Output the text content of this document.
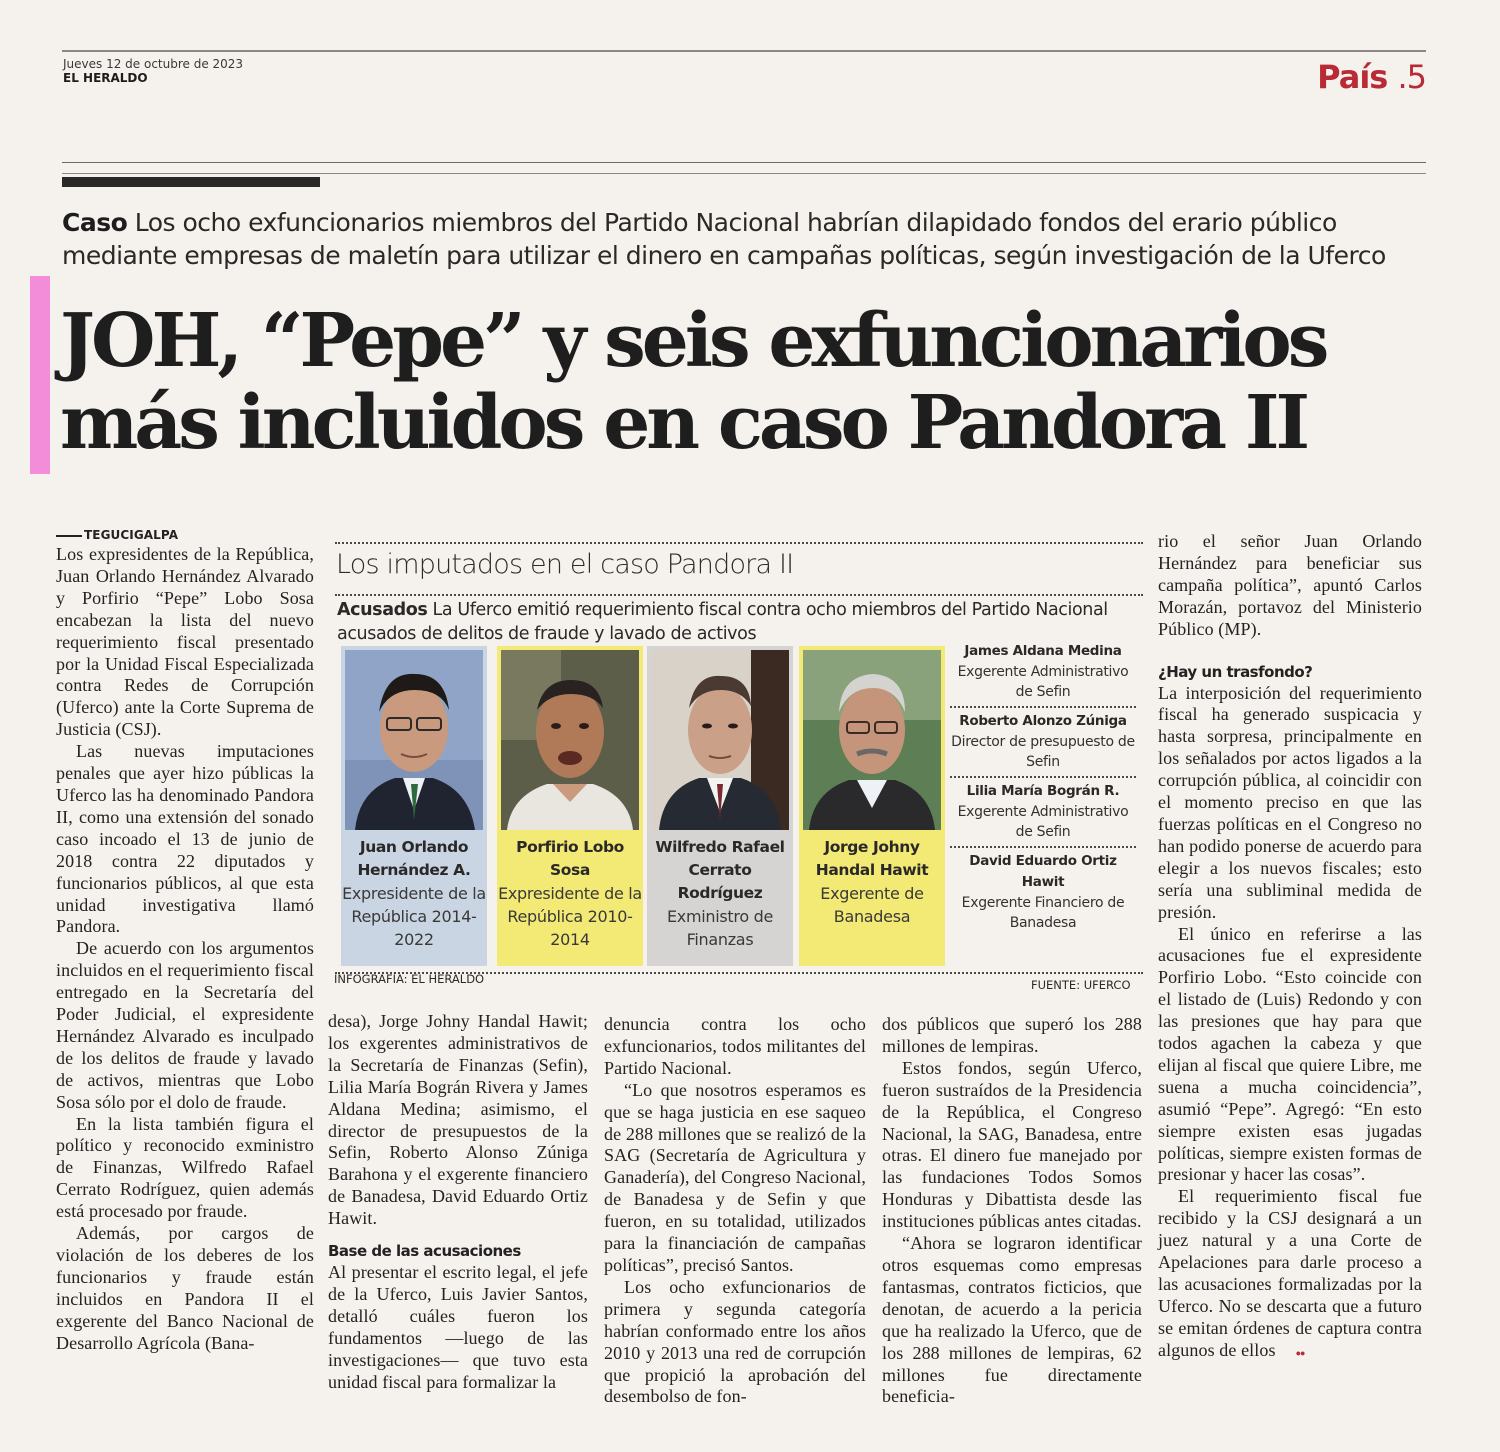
Jueves 12 de octubre de 2023
EL HERALDO	País .5
Caso Los ocho exfuncionarios miembros del Partido Nacional habrían dilapidado fondos del erario público mediante empresas de maletín para utilizar el dinero en campañas políticas, según investigación de la Uferco
JOH, “Pepe” y seis exfuncionarios
más incluidos en caso Pandora II
TEGUCIGALPA

Los expresidentes de la República, Juan Orlando Hernández Alvarado y Porfirio “Pepe” Lobo Sosa encabezan la lista del nuevo requerimiento fiscal presentado por la Unidad Fiscal Especializada contra Redes de Corrupción (Uferco) ante la Corte Suprema de Justicia (CSJ).

Las nuevas imputaciones penales que ayer hizo públicas la Uferco las ha denominado Pandora II, como una extensión del sonado caso incoado el 13 de junio de 2018 contra 22 diputados y funcionarios públicos, al que esta unidad investigativa llamó Pandora.

De acuerdo con los argumentos incluidos en el requerimiento fiscal entregado en la Secretaría del Poder Judicial, el expresidente Hernández Alvarado es inculpado de los delitos de fraude y lavado de activos, mientras que Lobo Sosa sólo por el dolo de fraude.

En la lista también figura el político y reconocido exministro de Finanzas, Wilfredo Rafael Cerrato Rodríguez, quien además está procesado por fraude.

Además, por cargos de violación de los deberes de los funcionarios y fraude están incluidos en Pandora II el exgerente del Banco Nacional de Desarrollo Agrícola (Bana-

Los imputados en el caso Pandora II
Acusados La Uferco emitió requerimiento fiscal contra ocho miembros del Partido Nacional acusados de delitos de fraude y lavado de activos
Juan Orlando Hernández A.
Expresidente de la República 2014-2022
Porfirio Lobo Sosa
Expresidente de la República 2010-2014
Wilfredo Rafael Cerrato Rodríguez
Exministro de Finanzas
Jorge Johny Handal Hawit
Exgerente de Banadesa
James Aldana Medina
Exgerente Administrativo de Sefin
Roberto Alonzo Zúniga
Director de presupuesto de Sefin
Lilia María Bográn R.
Exgerente Administrativo de Sefin
David Eduardo Ortiz Hawit
Exgerente Financiero de Banadesa
INFOGRAFÍA: EL HERALDO	FUENTE: UFERCO

desa), Jorge Johny Handal Hawit; los exgerentes administrativos de la Secretaría de Finanzas (Sefin), Lilia María Bográn Rivera y James Aldana Medina; asimismo, el director de presupuestos de la Sefin, Roberto Alonso Zúniga Barahona y el exgerente financiero de Banadesa, David Eduardo Ortiz Hawit.

Base de las acusaciones

Al presentar el escrito legal, el jefe de la Uferco, Luis Javier Santos, detalló cuáles fueron los fundamentos —luego de las investigaciones— que tuvo esta unidad fiscal para formalizar la

denuncia contra los ocho exfuncionarios, todos militantes del Partido Nacional.

“Lo que nosotros esperamos es que se haga justicia en ese saqueo de 288 millones que se realizó de la SAG (Secretaría de Agricultura y Ganadería), del Congreso Nacional, de Banadesa y de Sefin y que fueron, en su totalidad, utilizados para la financiación de campañas políticas”, precisó Santos.

Los ocho exfuncionarios de primera y segunda categoría habrían conformado entre los años 2010 y 2013 una red de corrupción que propició la aprobación del desembolso de fon-

dos públicos que superó los 288 millones de lempiras.

Estos fondos, según Uferco, fueron sustraídos de la Presidencia de la República, el Congreso Nacional, la SAG, Banadesa, entre otras. El dinero fue manejado por las fundaciones Todos Somos Honduras y Dibattista desde las instituciones públicas antes citadas.

“Ahora se lograron identificar otros esquemas como empresas fantasmas, contratos ficticios, que denotan, de acuerdo a la pericia que ha realizado la Uferco, que de los 288 millones de lempiras, 62 millones fue directamente beneficia-

rio el señor Juan Orlando Hernández para beneficiar sus campaña política”, apuntó Carlos Morazán, portavoz del Ministerio Público (MP).

¿Hay un trasfondo?

La interposición del requerimiento fiscal ha generado suspicacia y hasta sorpresa, principalmente en los señalados por actos ligados a la corrupción pública, al coincidir con el momento preciso en que las fuerzas políticas en el Congreso no han podido ponerse de acuerdo para elegir a los nuevos fiscales; esto sería una subliminal medida de presión.

El único en referirse a las acusaciones fue el expresidente Porfirio Lobo. “Esto coincide con el listado de (Luis) Redondo y con las presiones que hay para que todos agachen la cabeza y que elijan al fiscal que quiere Libre, me suena a mucha coincidencia”, asumió “Pepe”. Agregó: “En esto siempre existen esas jugadas políticas, siempre existen formas de presionar y hacer las cosas”.

El requerimiento fiscal fue recibido y la CSJ designará a un juez natural y a una Corte de Apelaciones para darle proceso a las acusaciones formalizadas por la Uferco. No se descarta que a futuro se emitan órdenes de captura contra algunos de ellos●●
